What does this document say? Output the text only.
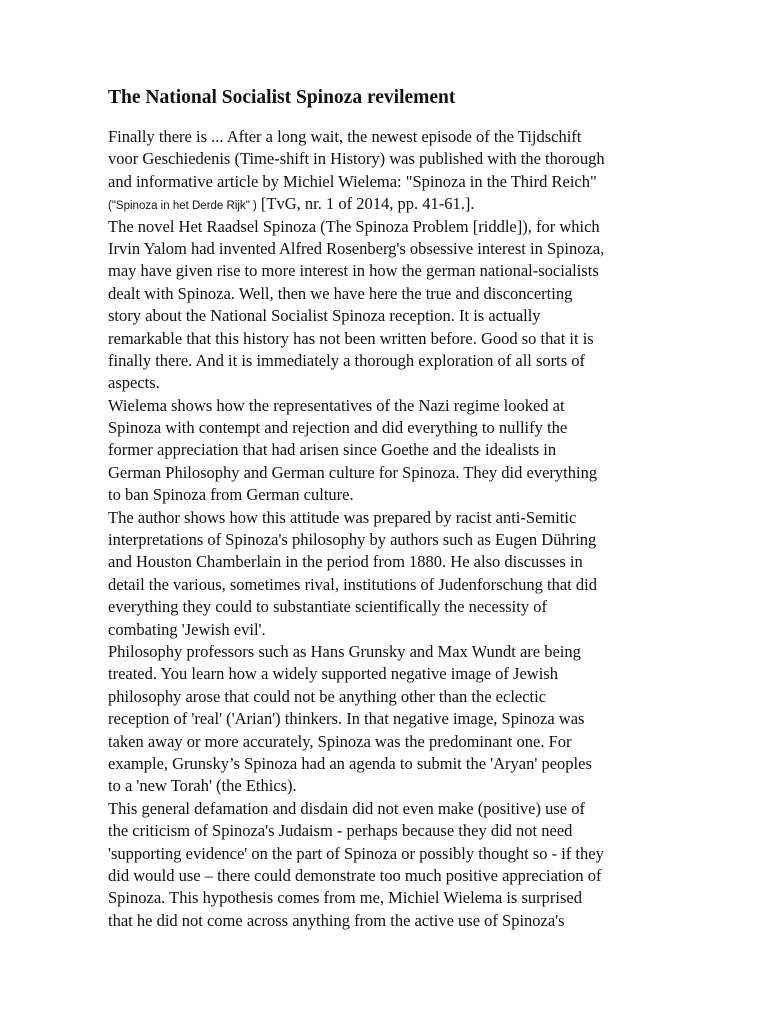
The National Socialist Spinoza revilement
Finally there is ... After a long wait, the newest episode of the Tijdschift
voor Geschiedenis (Time-shift in History) was published with the thorough
and informative article by Michiel Wielema: "Spinoza in the Third Reich"
("Spinoza in het Derde Rijk" ) [TvG, nr. 1 of 2014, pp. 41-61.].
The novel Het Raadsel Spinoza (The Spinoza Problem [riddle]), for which
Irvin Yalom had invented Alfred Rosenberg's obsessive interest in Spinoza,
may have given rise to more interest in how the german national-socialists
dealt with Spinoza. Well, then we have here the true and disconcerting
story about the National Socialist Spinoza reception. It is actually
remarkable that this history has not been written before. Good so that it is
finally there. And it is immediately a thorough exploration of all sorts of
aspects.
Wielema shows how the representatives of the Nazi regime looked at
Spinoza with contempt and rejection and did everything to nullify the
former appreciation that had arisen since Goethe and the idealists in
German Philosophy and German culture for Spinoza. They did everything
to ban Spinoza from German culture.
The author shows how this attitude was prepared by racist anti-Semitic
interpretations of Spinoza's philosophy by authors such as Eugen Dühring
and Houston Chamberlain in the period from 1880. He also discusses in
detail the various, sometimes rival, institutions of Judenforschung that did
everything they could to substantiate scientifically the necessity of
combating 'Jewish evil'.
Philosophy professors such as Hans Grunsky and Max Wundt are being
treated. You learn how a widely supported negative image of Jewish
philosophy arose that could not be anything other than the eclectic
reception of 'real' ('Arian') thinkers. In that negative image, Spinoza was
taken away or more accurately, Spinoza was the predominant one. For
example, Grunsky’s Spinoza had an agenda to submit the 'Aryan' peoples
to a 'new Torah' (the Ethics).
This general defamation and disdain did not even make (positive) use of
the criticism of Spinoza's Judaism - perhaps because they did not need
'supporting evidence' on the part of Spinoza or possibly thought so - if they
did would use – there could demonstrate too much positive appreciation of
Spinoza. This hypothesis comes from me, Michiel Wielema is surprised
that he did not come across anything from the active use of Spinoza's
